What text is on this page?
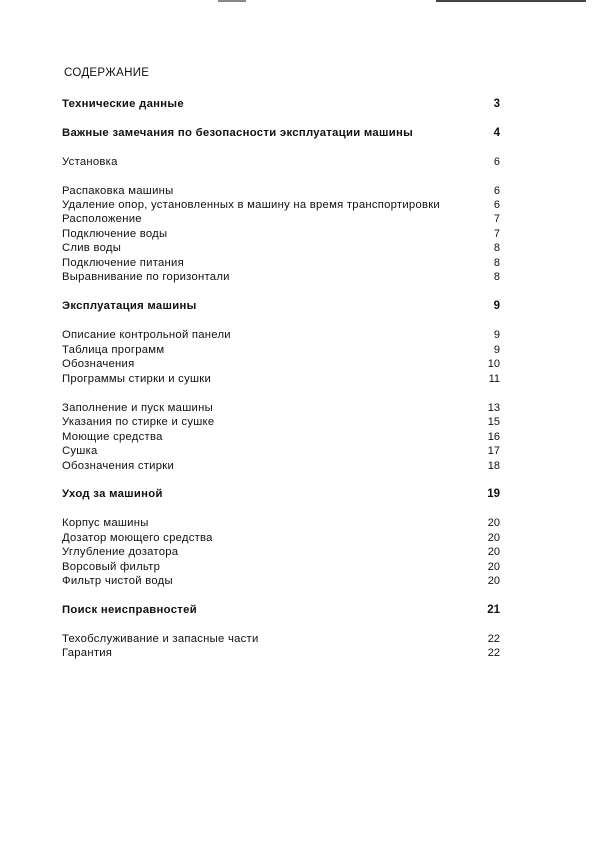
СОДЕРЖАНИЕ
Технические данные	3
Важные замечания по безопасности эксплуатации машины	4
Установка	6
Распаковка машины	6
Удаление опор, установленных в машину на время транспортировки	6
Расположение	7
Подключение воды	7
Слив воды	8
Подключение питания	8
Выравнивание по горизонтали	8
Эксплуатация машины	9
Описание контрольной панели	9
Таблица программ	9
Обозначения	10
Программы стирки и сушки	11
Заполнение и пуск машины	13
Указания по стирке и сушке	15
Моющие средства	16
Сушка	17
Обозначения стирки	18
Уход за машиной	19
Корпус машины	20
Дозатор моющего средства	20
Углубление дозатора	20
Ворсовый фильтр	20
Фильтр чистой воды	20
Поиск неисправностей	21
Техобслуживание и запасные части	22
Гарантия	22
